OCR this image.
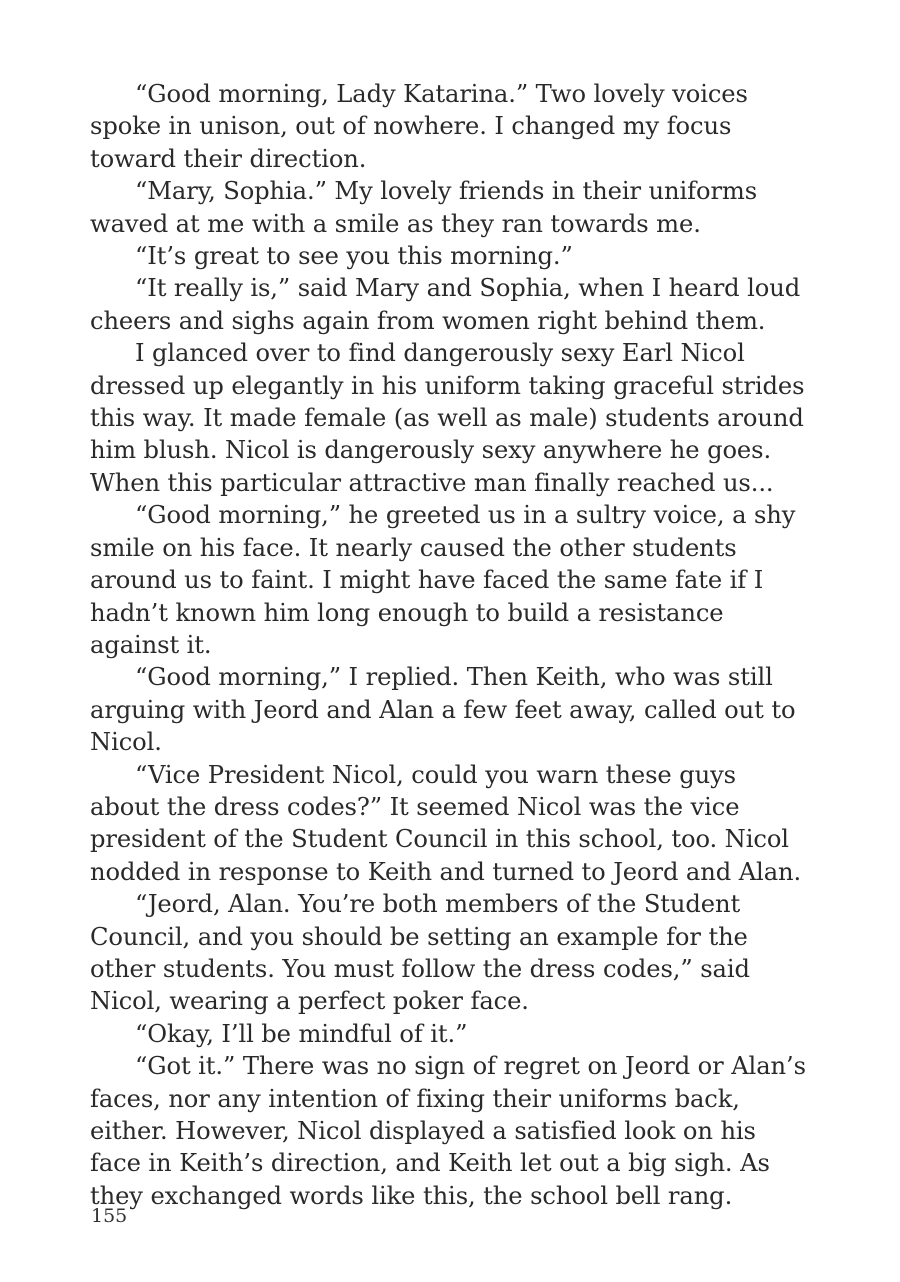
“Good morning, Lady Katarina.” Two lovely voices spoke in unison, out of nowhere. I changed my focus toward their direction.

“Mary, Sophia.” My lovely friends in their uniforms waved at me with a smile as they ran towards me.

“It’s great to see you this morning.”

“It really is,” said Mary and Sophia, when I heard loud cheers and sighs again from women right behind them.

I glanced over to find dangerously sexy Earl Nicol dressed up elegantly in his uniform taking graceful strides this way. It made female (as well as male) students around him blush. Nicol is dangerously sexy anywhere he goes. When this particular attractive man finally reached us...

“Good morning,” he greeted us in a sultry voice, a shy smile on his face. It nearly caused the other students around us to faint. I might have faced the same fate if I hadn’t known him long enough to build a resistance against it.

“Good morning,” I replied. Then Keith, who was still arguing with Jeord and Alan a few feet away, called out to Nicol.

“Vice President Nicol, could you warn these guys about the dress codes?” It seemed Nicol was the vice president of the Student Council in this school, too. Nicol nodded in response to Keith and turned to Jeord and Alan.

“Jeord, Alan. You’re both members of the Student Council, and you should be setting an example for the other students. You must follow the dress codes,” said Nicol, wearing a perfect poker face.

“Okay, I’ll be mindful of it.”

“Got it.” There was no sign of regret on Jeord or Alan’s faces, nor any intention of fixing their uniforms back, either. However, Nicol displayed a satisfied look on his face in Keith’s direction, and Keith let out a big sigh. As they exchanged words like this, the school bell rang.

155
